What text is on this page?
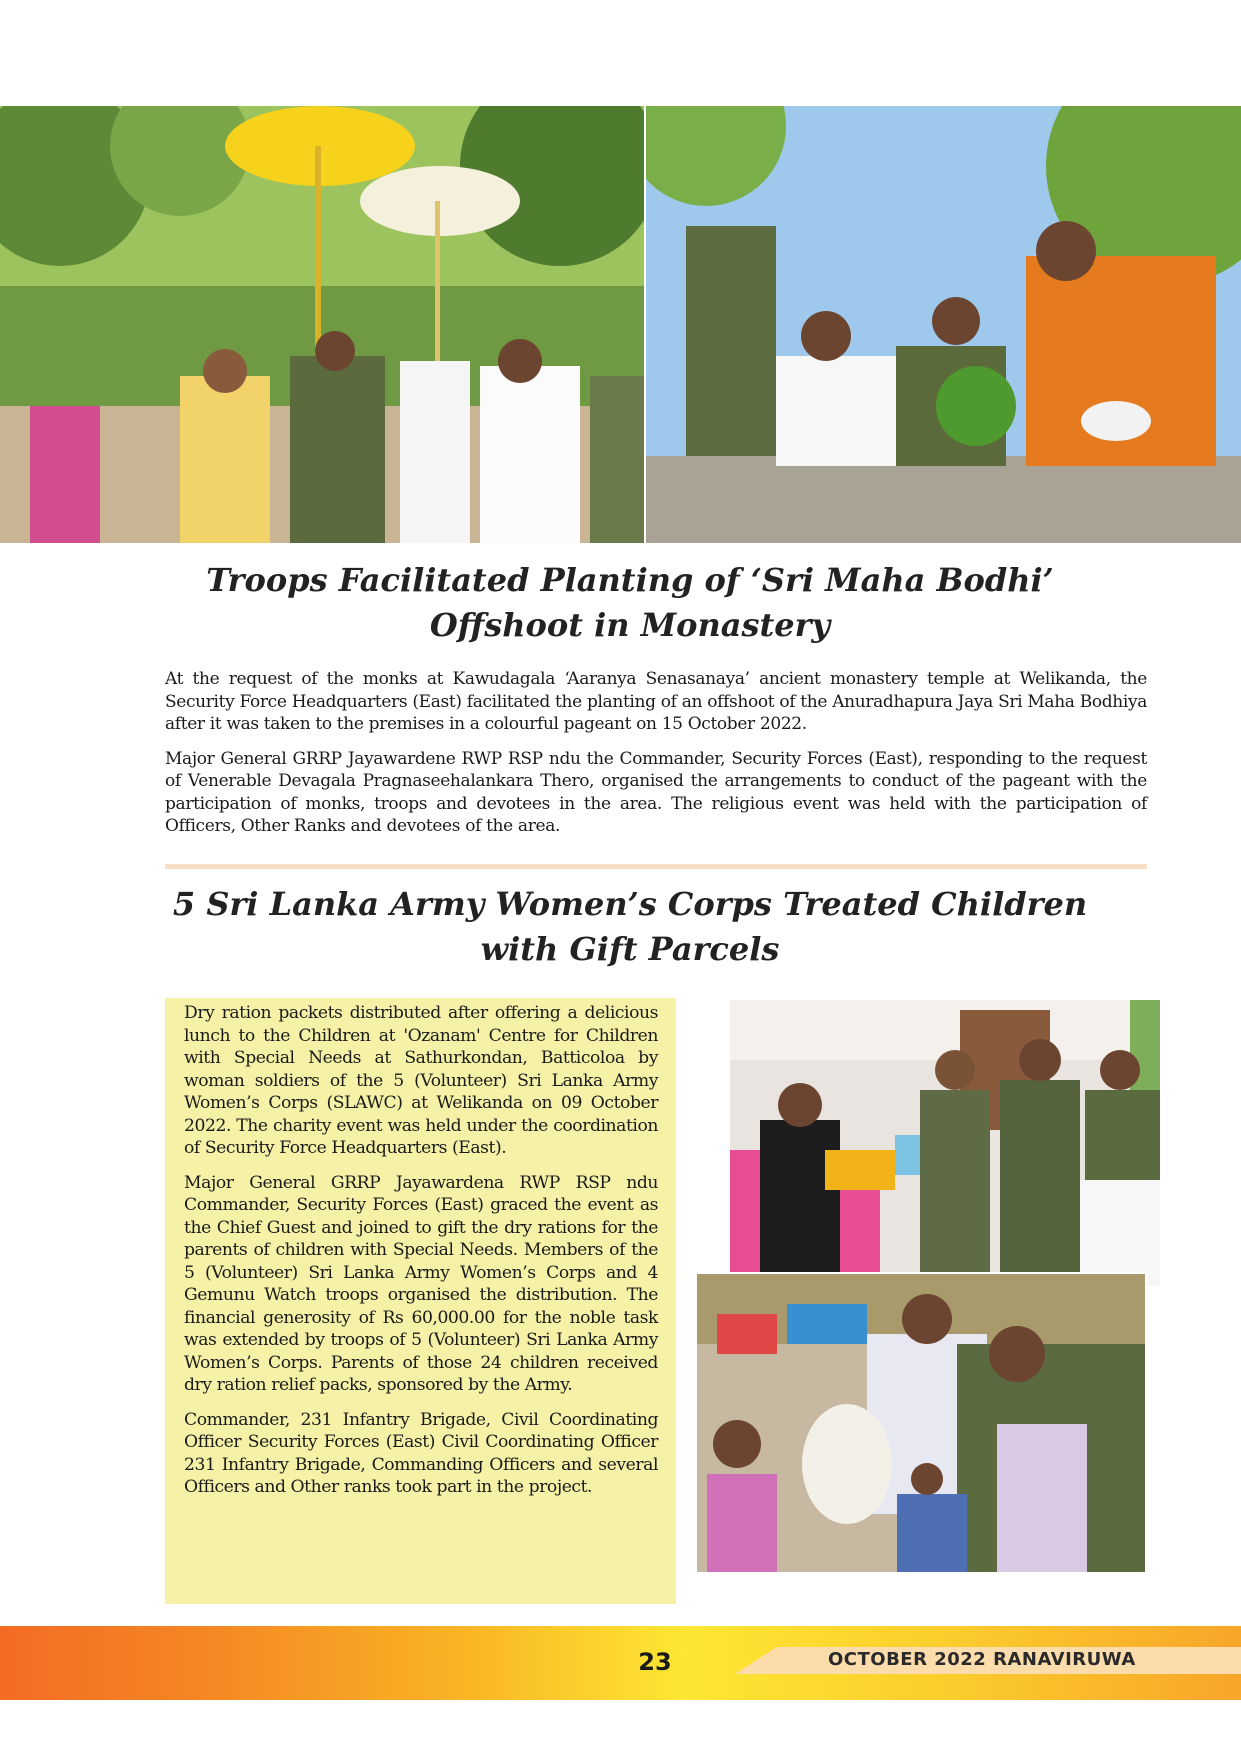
Troops Facilitated Planting of ‘Sri Maha Bodhi’ Offshoot in Monastery

At the request of the monks at Kawudagala ‘Aaranya Senasanaya’ ancient monastery temple at Welikanda, the Security Force Headquarters (East) facilitated the planting of an offshoot of the Anuradhapura Jaya Sri Maha Bodhiya after it was taken to the premises in a colourful pageant on 15 October 2022.

Major General GRRP Jayawardene RWP RSP ndu the Commander, Security Forces (East), responding to the request of Venerable Devagala Pragnaseehalankara Thero, organised the arrangements to conduct of the pageant with the participation of monks, troops and devotees in the area. The religious event was held with the participation of Officers, Other Ranks and devotees of the area.

5 Sri Lanka Army Women’s Corps Treated Children with Gift Parcels

Dry ration packets distributed after offering a delicious lunch to the Children at 'Ozanam' Centre for Children with Special Needs at Sathurkondan, Batticoloa by woman soldiers of the 5 (Volunteer) Sri Lanka Army Women’s Corps (SLAWC) at Welikanda on 09 October 2022. The charity event was held under the coordination of Security Force Headquarters (East).

Major General GRRP Jayawardena RWP RSP ndu Commander, Security Forces (East) graced the event as the Chief Guest and joined to gift the dry rations for the parents of children with Special Needs. Members of the 5 (Volunteer) Sri Lanka Army Women’s Corps and 4 Gemunu Watch troops organised the distribution. The financial generosity of Rs 60,000.00 for the noble task was extended by troops of 5 (Volunteer) Sri Lanka Army Women’s Corps. Parents of those 24 children received dry ration relief packs, sponsored by the Army.

Commander, 231 Infantry Brigade, Civil Coordinating Officer Security Forces (East) Civil Coordinating Officer 231 Infantry Brigade, Commanding Officers and several Officers and Other ranks took part in the project.

23	OCTOBER 2022 RANAVIRUWA
